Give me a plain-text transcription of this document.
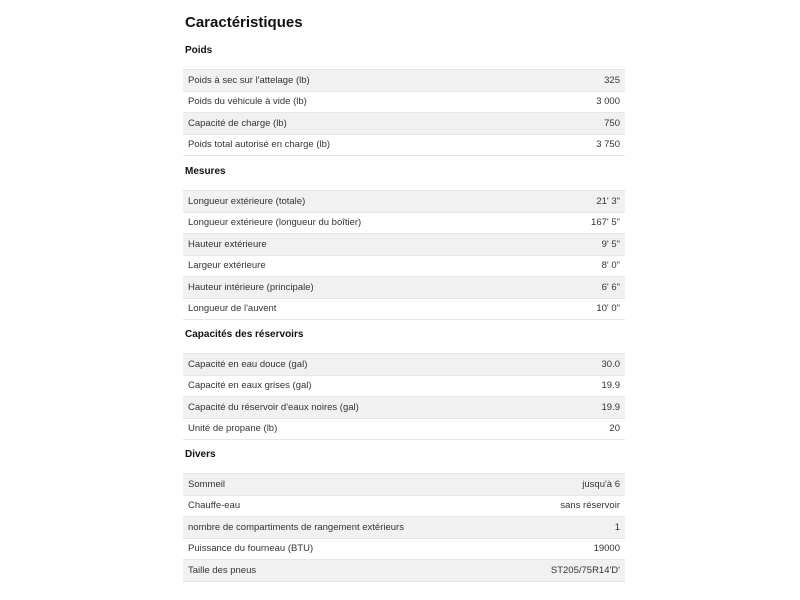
Caractéristiques
Poids
Poids à sec sur l'attelage (lb)	325
Poids du véhicule à vide (lb)	3 000
Capacité de charge (lb)	750
Poids total autorisé en charge (lb)	3 750
Mesures
Longueur extérieure (totale)	21' 3"
Longueur extérieure (longueur du boîtier)	167' 5"
Hauteur extérieure	9' 5"
Largeur extérieure	8' 0"
Hauteur intérieure (principale)	6' 6"
Longueur de l'auvent	10' 0"
Capacités des réservoirs
Capacité en eau douce (gal)	30.0
Capacité en eaux grises (gal)	19.9
Capacité du réservoir d'eaux noires (gal)	19.9
Unité de propane (lb)	20
Divers
Sommeil	jusqu'à 6
Chauffe-eau	sans réservoir
nombre de compartiments de rangement extérieurs	1
Puissance du fourneau (BTU)	19000
Taille des pneus	ST205/75R14'D'
